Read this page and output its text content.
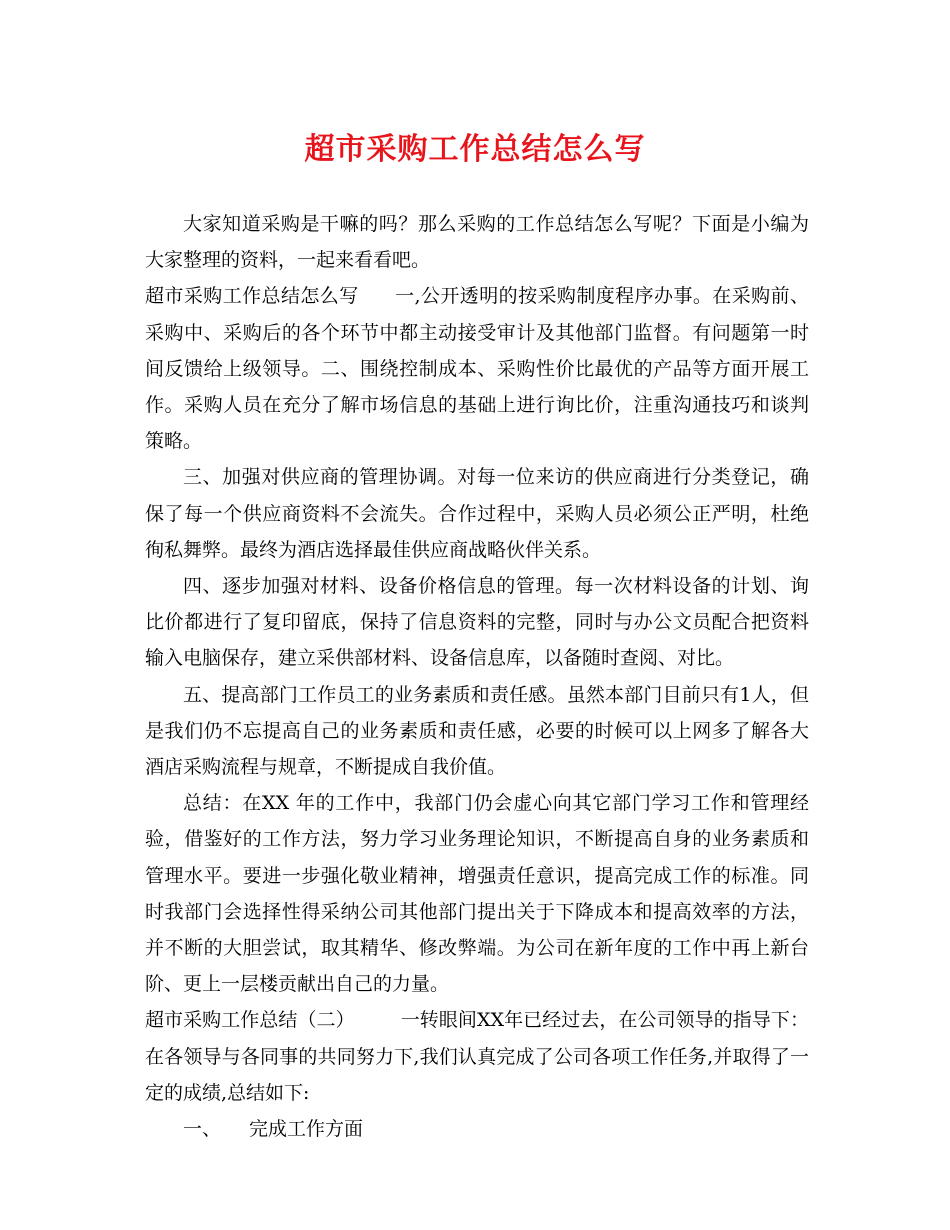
超市采购工作总结怎么写

大家知道采购是干嘛的吗？那么采购的工作总结怎么写呢？下面是小编为大家整理的资料，一起来看看吧。

超市采购工作总结怎么写 一,公开透明的按采购制度程序办事。在采购前、采购中、采购后的各个环节中都主动接受审计及其他部门监督。有问题第一时间反馈给上级领导。二、围绕控制成本、采购性价比最优的产品等方面开展工作。采购人员在充分了解市场信息的基础上进行询比价，注重沟通技巧和谈判策略。

三、加强对供应商的管理协调。对每一位来访的供应商进行分类登记，确保了每一个供应商资料不会流失。合作过程中，采购人员必须公正严明，杜绝徇私舞弊。最终为酒店选择最佳供应商战略伙伴关系。

四、逐步加强对材料、设备价格信息的管理。每一次材料设备的计划、询比价都进行了复印留底，保持了信息资料的完整，同时与办公文员配合把资料输入电脑保存，建立采供部材料、设备信息库，以备随时查阅、对比。

五、提高部门工作员工的业务素质和责任感。虽然本部门目前只有1人，但是我们仍不忘提高自己的业务素质和责任感，必要的时候可以上网多了解各大酒店采购流程与规章，不断提成自我价值。

总结：在XX 年的工作中，我部门仍会虚心向其它部门学习工作和管理经验，借鉴好的工作方法，努力学习业务理论知识，不断提高自身的业务素质和管理水平。要进一步强化敬业精神，增强责任意识，提高完成工作的标准。同时我部门会选择性得采纳公司其他部门提出关于下降成本和提高效率的方法，并不断的大胆尝试，取其精华、修改弊端。为公司在新年度的工作中再上新台阶、更上一层楼贡献出自己的力量。

超市采购工作总结（二） 一转眼间XX年已经过去，在公司领导的指导下：在各领导与各同事的共同努力下,我们认真完成了公司各项工作任务,并取得了一定的成绩,总结如下:

一、 完成工作方面
